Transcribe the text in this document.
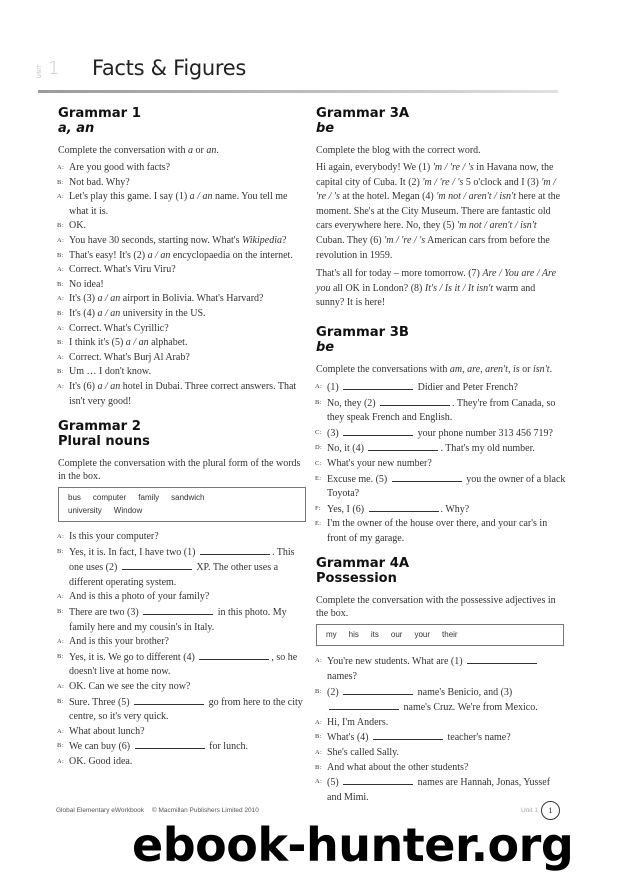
UNIT 1 Facts & Figures
Grammar 1
a, an

Complete the conversation with a or an.

A: Are you good with facts?
B: Not bad. Why?
A: Let's play this game. I say (1) a / an name. You tell me what it is.
B: OK.
A: You have 30 seconds, starting now. What's Wikipedia?
B: That's easy! It's (2) a / an encyclopaedia on the internet.
A: Correct. What's Viru Viru?
B: No idea!
A: It's (3) a / an airport in Bolivia. What's Harvard?
B: It's (4) a / an university in the US.
A: Correct. What's Cyrillic?
B: I think it's (5) a / an alphabet.
A: Correct. What's Burj Al Arab?
B: Um … I don't know.
A: It's (6) a / an hotel in Dubai. Three correct answers. That isn't very good!
Grammar 2
Plural nouns

Complete the conversation with the plural form of the words in the box.

bus computer family sandwich
university Window
A: Is this your computer?
B: Yes, it is. In fact, I have two (1)	. This one uses (2)	XP. The other uses a different operating system.
A: And is this a photo of your family?
B: There are two (3)	in this photo. My family here and my cousin's in Italy.
A: And is this your brother?
B: Yes, it is. We go to different (4)	, so he doesn't live at home now.
A: OK. Can we see the city now?
B: Sure. Three (5)	go from here to the city centre, so it's very quick.
A: What about lunch?
B: We can buy (6)	for lunch.
A: OK. Good idea.
Grammar 3A
be

Complete the blog with the correct word.

Hi again, everybody! We (1) 'm / 're / 's in Havana now, the capital city of Cuba. It (2) 'm / 're / 's 5 o'clock and I (3) 'm / 're / 's at the hotel. Megan (4) 'm not / aren't / isn't here at the moment. She's at the City Museum. There are fantastic old cars everywhere here. No, they (5) 'm not / aren't / isn't Cuban. They (6) 'm / 're / 's American cars from before the revolution in 1959.

That's all for today – more tomorrow. (7) Are / You are / Are you all OK in London? (8) It's / Is it / It isn't warm and sunny? It is here!

Grammar 3B
be

Complete the conversations with am, are, aren't, is or isn't.

A: (1)	Didier and Peter French?
B: No, they (2)	. They're from Canada, so they speak French and English.
C: (3)	your phone number 313 456 719?
D: No, it (4)	. That's my old number.
C: What's your new number?
E: Excuse me. (5)	you the owner of a black Toyota?
F: Yes, I (6)	. Why?
E: I'm the owner of the house over there, and your car's in front of my garage.
Grammar 4A
Possession

Complete the conversation with the possessive adjectives in the box.

my his its our your their
A: You're new students. What are (1)  names?
B: (2)	name's Benicio, and (3)  name's Cruz. We're from Mexico.
A: Hi, I'm Anders.
B: What's (4)	teacher's name?
A: She's called Sally.
B: And what about the other students?
A: (5)	names are Hannah, Jonas, Yussef and Mimi.
Global Elementary eWorkbook © Macmillan Publishers Limited 2010	Unit 1	1
ebook-hunter.org
